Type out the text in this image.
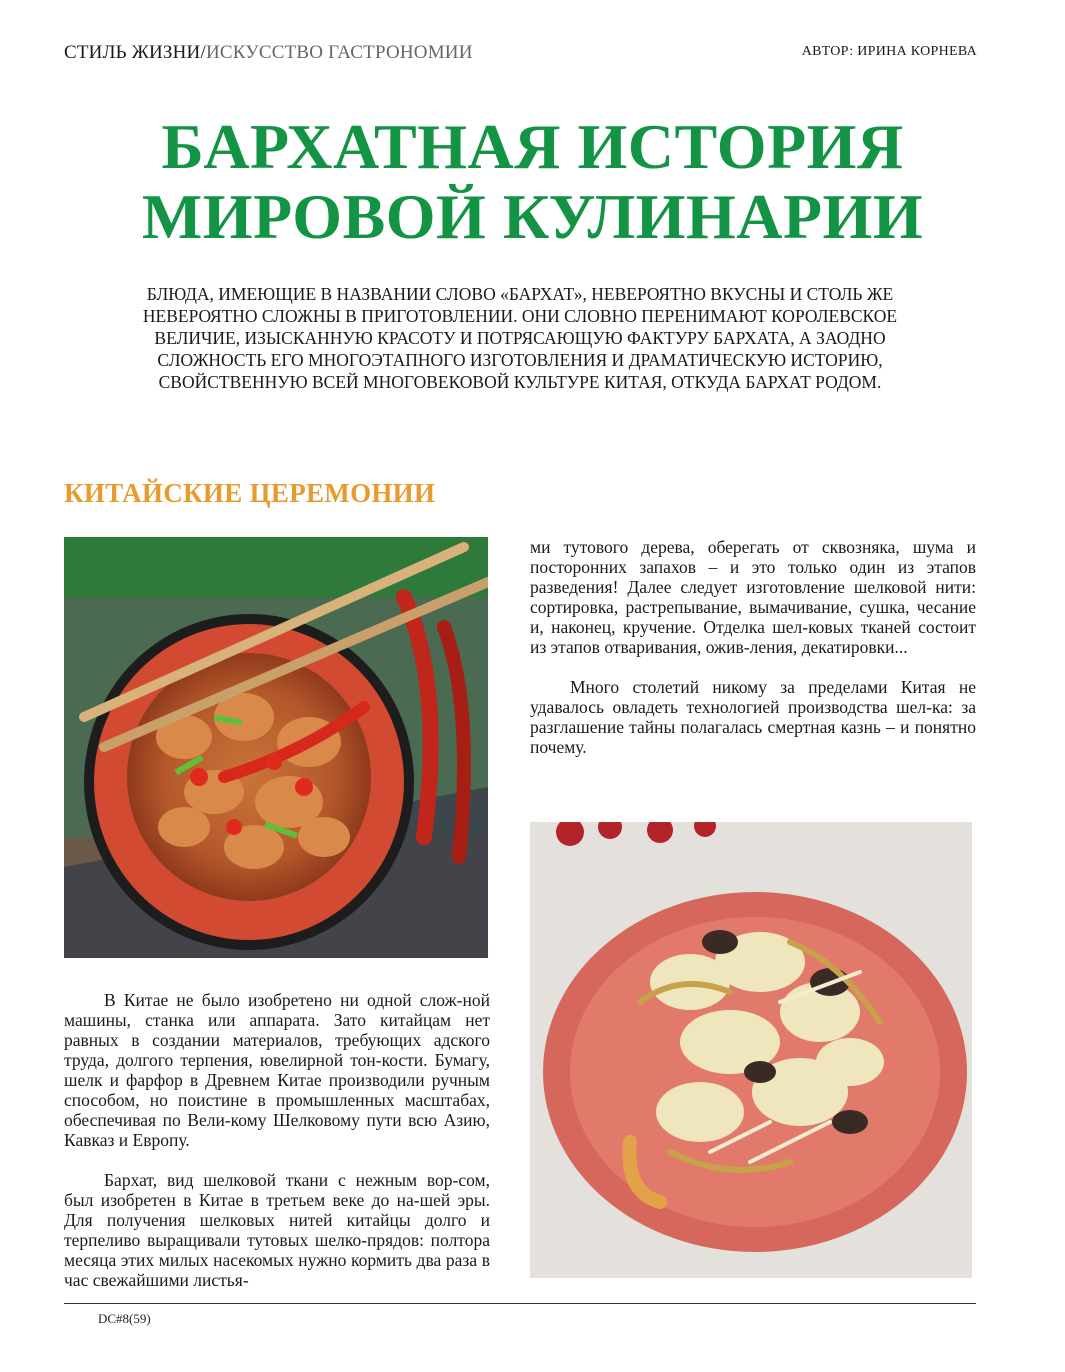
СТИЛЬ ЖИЗНИ/ИСКУССТВО ГАСТРОНОМИИ	АВТОР: ИРИНА КОРНЕВА
БАРХАТНАЯ ИСТОРИЯ
МИРОВОЙ КУЛИНАРИИ
БЛЮДА, ИМЕЮЩИЕ В НАЗВАНИИ СЛОВО «БАРХАТ», НЕВЕРОЯТНО ВКУСНЫ И СТОЛЬ ЖЕ НЕВЕРОЯТНО СЛОЖНЫ В ПРИГОТОВЛЕНИИ. ОНИ СЛОВНО ПЕРЕНИМАЮТ КОРОЛЕВСКОЕ ВЕЛИЧИЕ, ИЗЫСКАННУЮ КРАСОТУ И ПОТРЯСАЮЩУЮ ФАКТУРУ БАРХАТА, А ЗАОДНО СЛОЖНОСТЬ ЕГО МНОГОЭТАПНОГО ИЗГОТОВЛЕНИЯ И ДРАМАТИЧЕСКУЮ ИСТОРИЮ, СВОЙСТВЕННУЮ ВСЕЙ МНОГОВЕКОВОЙ КУЛЬТУРЕ КИТАЯ, ОТКУДА БАРХАТ РОДОМ.
КИТАЙСКИЕ ЦЕРЕМОНИИ

В Китае не было изобретено ни одной слож-ной машины, станка или аппарата. Зато китайцам нет равных в создании материалов, требующих адского труда, долгого терпения, ювелирной тон-кости. Бумагу, шелк и фарфор в Древнем Китае производили ручным способом, но поистине в промышленных масштабах, обеспечивая по Вели-кому Шелковому пути всю Азию, Кавказ и Европу.

Бархат, вид шелковой ткани с нежным вор-сом, был изобретен в Китае в третьем веке до на-шей эры. Для получения шелковых нитей китайцы долго и терпеливо выращивали тутовых шелко-прядов: полтора месяца этих милых насекомых нужно кормить два раза в час свежайшими листья-

ми тутового дерева, оберегать от сквозняка, шума и посторонних запахов – и это только один из этапов разведения! Далее следует изготовление шелковой нити: сортировка, растрепывание, вымачивание, сушка, чесание и, наконец, кручение. Отделка шел-ковых тканей состоит из этапов отваривания, ожив-ления, декатировки...

Много столетий никому за пределами Китая не удавалось овладеть технологией производства шел-ка: за разглашение тайны полагалась смертная казнь – и понятно почему.

DC#8(59)
